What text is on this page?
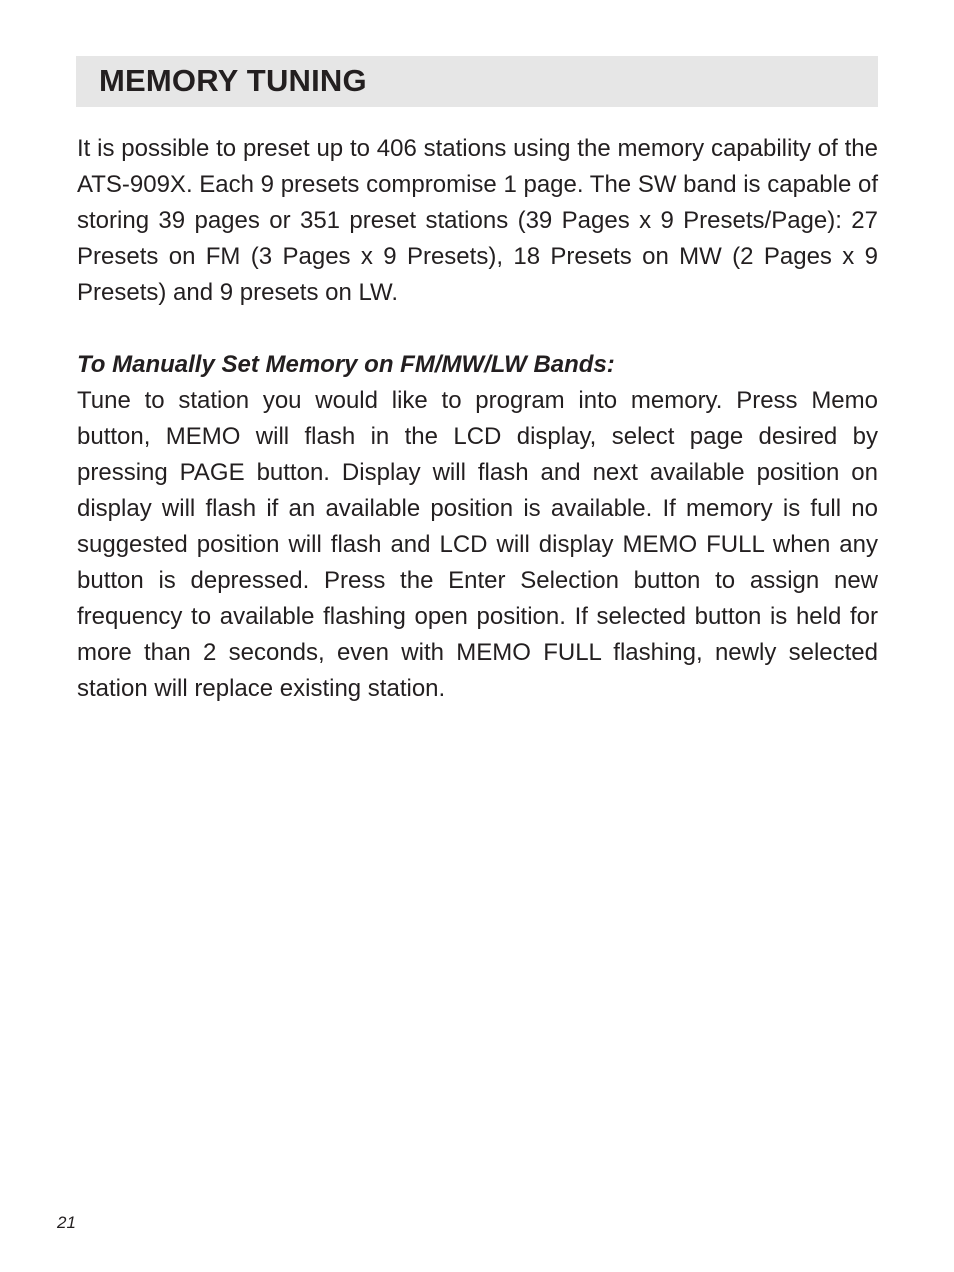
MEMORY TUNING

It is possible to preset up to 406 stations using the memory capability of the ATS-909X. Each 9 presets compromise 1 page. The SW band is capable of storing 39 pages or 351 preset stations (39 Pages x 9 Presets/Page): 27 Presets on FM (3 Pages x 9 Presets), 18 Presets on MW (2 Pages x 9 Presets) and 9 presets on LW.

To Manually Set Memory on FM/MW/LW Bands:

Tune to station you would like to program into memory. Press Memo button, MEMO will flash in the LCD display, select page desired by pressing PAGE button. Display will flash and next available position on display will flash if an available position is available. If memory is full no suggested position will flash and LCD will display MEMO FULL when any button is depressed. Press the Enter Selection button to assign new frequency to available flashing open position. If selected button is held for more than 2 seconds, even with MEMO FULL flashing, newly selected station will replace existing station.

21
